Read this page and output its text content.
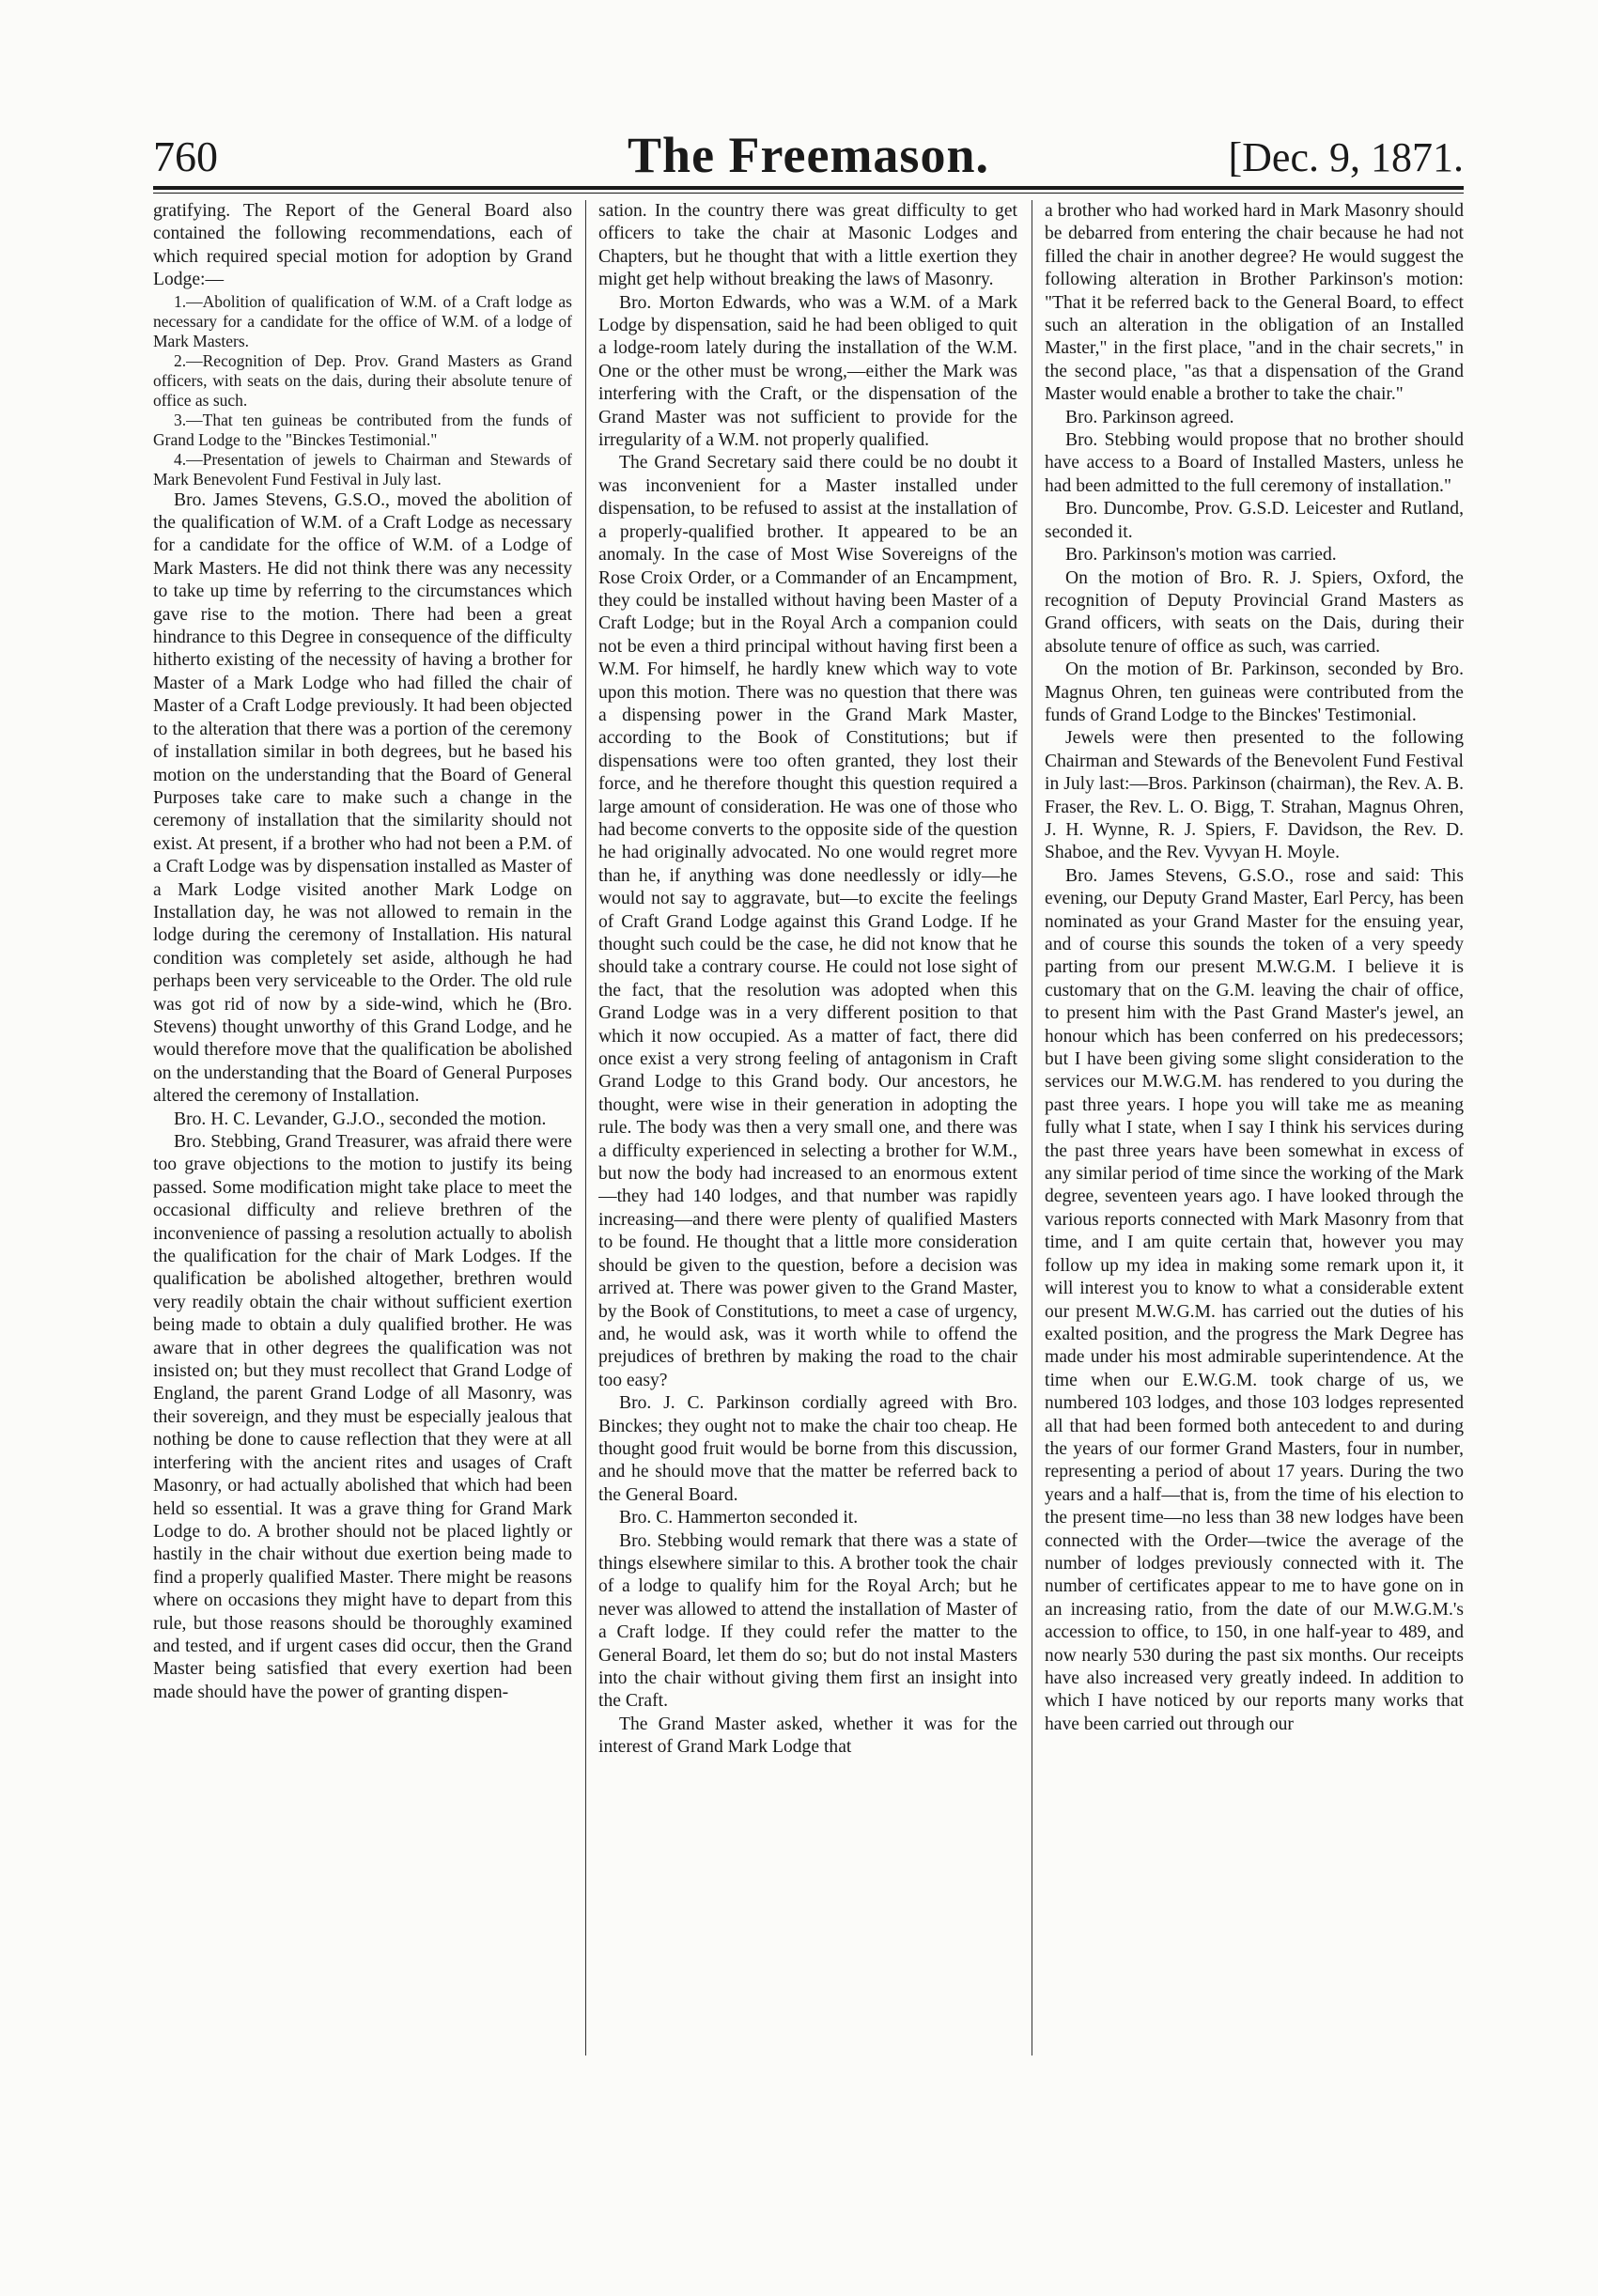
760	The Freemason.	[Dec. 9, 1871.

gratifying. The Report of the General Board also contained the following recommendations, each of which required special motion for adoption by Grand Lodge:—

1.—Abolition of qualification of W.M. of a Craft lodge as necessary for a candidate for the office of W.M. of a lodge of Mark Masters.

2.—Recognition of Dep. Prov. Grand Masters as Grand officers, with seats on the dais, during their absolute tenure of office as such.

3.—That ten guineas be contributed from the funds of Grand Lodge to the "Binckes Testimonial."

4.—Presentation of jewels to Chairman and Stewards of Mark Benevolent Fund Festival in July last.

Bro. James Stevens, G.S.O., moved the abolition of the qualification of W.M. of a Craft Lodge as necessary for a candidate for the office of W.M. of a Lodge of Mark Masters. He did not think there was any necessity to take up time by referring to the circumstances which gave rise to the motion. There had been a great hindrance to this Degree in consequence of the difficulty hitherto existing of the necessity of having a brother for Master of a Mark Lodge who had filled the chair of Master of a Craft Lodge previously. It had been objected to the alteration that there was a portion of the ceremony of installation similar in both degrees, but he based his motion on the understanding that the Board of General Purposes take care to make such a change in the ceremony of installation that the similarity should not exist. At present, if a brother who had not been a P.M. of a Craft Lodge was by dispensation installed as Master of a Mark Lodge visited another Mark Lodge on Installation day, he was not allowed to remain in the lodge during the ceremony of Installation. His natural condition was completely set aside, although he had perhaps been very serviceable to the Order. The old rule was got rid of now by a side-wind, which he (Bro. Stevens) thought unworthy of this Grand Lodge, and he would therefore move that the qualification be abolished on the understanding that the Board of General Purposes altered the ceremony of Installation.

Bro. H. C. Levander, G.J.O., seconded the motion.

Bro. Stebbing, Grand Treasurer, was afraid there were too grave objections to the motion to justify its being passed. Some modification might take place to meet the occasional difficulty and relieve brethren of the inconvenience of passing a resolution actually to abolish the qualification for the chair of Mark Lodges. If the qualification be abolished altogether, brethren would very readily obtain the chair without sufficient exertion being made to obtain a duly qualified brother. He was aware that in other degrees the qualification was not insisted on; but they must recollect that Grand Lodge of England, the parent Grand Lodge of all Masonry, was their sovereign, and they must be especially jealous that nothing be done to cause reflection that they were at all interfering with the ancient rites and usages of Craft Masonry, or had actually abolished that which had been held so essential. It was a grave thing for Grand Mark Lodge to do. A brother should not be placed lightly or hastily in the chair without due exertion being made to find a properly qualified Master. There might be reasons where on occasions they might have to depart from this rule, but those reasons should be thoroughly examined and tested, and if urgent cases did occur, then the Grand Master being satisfied that every exertion had been made should have the power of granting dispen-

sation. In the country there was great difficulty to get officers to take the chair at Masonic Lodges and Chapters, but he thought that with a little exertion they might get help without breaking the laws of Masonry.

Bro. Morton Edwards, who was a W.M. of a Mark Lodge by dispensation, said he had been obliged to quit a lodge-room lately during the installation of the W.M. One or the other must be wrong,—either the Mark was interfering with the Craft, or the dispensation of the Grand Master was not sufficient to provide for the irregularity of a W.M. not properly qualified.

The Grand Secretary said there could be no doubt it was inconvenient for a Master installed under dispensation, to be refused to assist at the installation of a properly-qualified brother. It appeared to be an anomaly. In the case of Most Wise Sovereigns of the Rose Croix Order, or a Commander of an Encampment, they could be installed without having been Master of a Craft Lodge; but in the Royal Arch a companion could not be even a third principal without having first been a W.M. For himself, he hardly knew which way to vote upon this motion. There was no question that there was a dispensing power in the Grand Mark Master, according to the Book of Constitutions; but if dispensations were too often granted, they lost their force, and he therefore thought this question required a large amount of consideration. He was one of those who had become converts to the opposite side of the question he had originally advocated. No one would regret more than he, if anything was done needlessly or idly—he would not say to aggravate, but—to excite the feelings of Craft Grand Lodge against this Grand Lodge. If he thought such could be the case, he did not know that he should take a contrary course. He could not lose sight of the fact, that the resolution was adopted when this Grand Lodge was in a very different position to that which it now occupied. As a matter of fact, there did once exist a very strong feeling of antagonism in Craft Grand Lodge to this Grand body. Our ancestors, he thought, were wise in their generation in adopting the rule. The body was then a very small one, and there was a difficulty experienced in selecting a brother for W.M., but now the body had increased to an enormous extent—they had 140 lodges, and that number was rapidly increasing—and there were plenty of qualified Masters to be found. He thought that a little more consideration should be given to the question, before a decision was arrived at. There was power given to the Grand Master, by the Book of Constitutions, to meet a case of urgency, and, he would ask, was it worth while to offend the prejudices of brethren by making the road to the chair too easy?

Bro. J. C. Parkinson cordially agreed with Bro. Binckes; they ought not to make the chair too cheap. He thought good fruit would be borne from this discussion, and he should move that the matter be referred back to the General Board.

Bro. C. Hammerton seconded it.

Bro. Stebbing would remark that there was a state of things elsewhere similar to this. A brother took the chair of a lodge to qualify him for the Royal Arch; but he never was allowed to attend the installation of Master of a Craft lodge. If they could refer the matter to the General Board, let them do so; but do not instal Masters into the chair without giving them first an insight into the Craft.

The Grand Master asked, whether it was for the interest of Grand Mark Lodge that

a brother who had worked hard in Mark Masonry should be debarred from entering the chair because he had not filled the chair in another degree? He would suggest the following alteration in Brother Parkinson's motion: "That it be referred back to the General Board, to effect such an alteration in the obligation of an Installed Master," in the first place, "and in the chair secrets," in the second place, "as that a dispensation of the Grand Master would enable a brother to take the chair."

Bro. Parkinson agreed.

Bro. Stebbing would propose that no brother should have access to a Board of Installed Masters, unless he had been admitted to the full ceremony of installation."

Bro. Duncombe, Prov. G.S.D. Leicester and Rutland, seconded it.

Bro. Parkinson's motion was carried.

On the motion of Bro. R. J. Spiers, Oxford, the recognition of Deputy Provincial Grand Masters as Grand officers, with seats on the Dais, during their absolute tenure of office as such, was carried.

On the motion of Br. Parkinson, seconded by Bro. Magnus Ohren, ten guineas were contributed from the funds of Grand Lodge to the Binckes' Testimonial.

Jewels were then presented to the following Chairman and Stewards of the Benevolent Fund Festival in July last:—Bros. Parkinson (chairman), the Rev. A. B. Fraser, the Rev. L. O. Bigg, T. Strahan, Magnus Ohren, J. H. Wynne, R. J. Spiers, F. Davidson, the Rev. D. Shaboe, and the Rev. Vyvyan H. Moyle.

Bro. James Stevens, G.S.O., rose and said: This evening, our Deputy Grand Master, Earl Percy, has been nominated as your Grand Master for the ensuing year, and of course this sounds the token of a very speedy parting from our present M.W.G.M. I believe it is customary that on the G.M. leaving the chair of office, to present him with the Past Grand Master's jewel, an honour which has been conferred on his predecessors; but I have been giving some slight consideration to the services our M.W.G.M. has rendered to you during the past three years. I hope you will take me as meaning fully what I state, when I say I think his services during the past three years have been somewhat in excess of any similar period of time since the working of the Mark degree, seventeen years ago. I have looked through the various reports connected with Mark Masonry from that time, and I am quite certain that, however you may follow up my idea in making some remark upon it, it will interest you to know to what a considerable extent our present M.W.G.M. has carried out the duties of his exalted position, and the progress the Mark Degree has made under his most admirable superintendence. At the time when our E.W.G.M. took charge of us, we numbered 103 lodges, and those 103 lodges represented all that had been formed both antecedent to and during the years of our former Grand Masters, four in number, representing a period of about 17 years. During the two years and a half—that is, from the time of his election to the present time—no less than 38 new lodges have been connected with the Order—twice the average of the number of lodges previously connected with it. The number of certificates appear to me to have gone on in an increasing ratio, from the date of our M.W.G.M.'s accession to office, to 150, in one half-year to 489, and now nearly 530 during the past six months. Our receipts have also increased very greatly indeed. In addition to which I have noticed by our reports many works that have been carried out through our
